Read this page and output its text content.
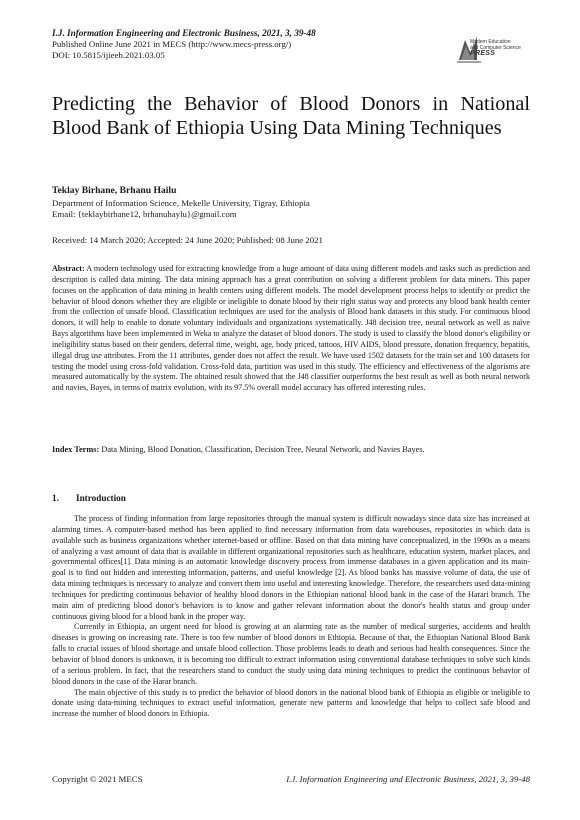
I.J. Information Engineering and Electronic Business, 2021, 3, 39-48
Published Online June 2021 in MECS (http://www.mecs-press.org/)
DOI: 10.5815/ijieeb.2021.03.05
Modern Education
and Computer Science
PRESS
Predicting the Behavior of Blood Donors in National Blood Bank of Ethiopia Using Data Mining Techniques
Teklay Birhane, Brhanu Hailu
Department of Information Science, Mekelle University, Tigray, Ethiopia
Email: {teklaybirhane12, brhanuhaylu}@gmail.com
Received: 14 March 2020; Accepted: 24 June 2020; Published: 08 June 2021
Abstract: A modern technology used for extracting knowledge from a huge amount of data using different models and tasks such as prediction and description is called data mining. The data mining approach has a great contribution on solving a different problem for data miners. This paper focuses on the application of data mining in health centers using different models. The model development process helps to identify or predict the behavior of blood donors whether they are eligible or ineligible to donate blood by their right status way and protects any blood bank health center from the collection of unsafe blood. Classification techniques are used for the analysis of Blood bank datasets in this study. For continuous blood donors, it will help to enable to donate voluntary individuals and organizations systematically. J48 decision tree, neural network as well as naïve Bays algorithms have been implemented in Weka to analyze the dataset of blood donors. The study is used to classify the blood donor's eligibility or ineligibility status based on their genders, deferral time, weight, age, body priced, tattoos, HIV AIDS, blood pressure, donation frequency, hepatitis, illegal drug use attributes. From the 11 attributes, gender does not affect the result. We have used 1502 datasets for the train set and 100 datasets for testing the model using cross-fold validation. Cross-fold data, partition was used in this study. The efficiency and effectiveness of the algorisms are measured automatically by the system. The obtained result showed that the J48 classifier outperforms the best result as well as both neural network and navies, Bayes, in terms of matrix evolution, with its 97.5% overall model accuracy has offered interesting rules.
Index Terms: Data Mining, Blood Donation, Classification, Decision Tree, Neural Network, and Navies Bayes.
1. Introduction

The process of finding information from large repositories through the manual system is difficult nowadays since data size has increased at alarming times. A computer-based method has been applied to find necessary information from data warehouses, repositories in which data is available such as business organizations whether internet-based or offline. Based on that data mining have conceptualized, in the 1990s as a means of analyzing a vast amount of data that is available in different organizational repositories such as healthcare, education system, market places, and governmental offices[1]. Data mining is an automatic knowledge discovery process from immense databases in a given application and its main-goal is to find out hidden and interesting information, patterns, and useful knowledge [2]. As blood banks has massive volume of data, the use of data mining techniques is necessary to analyze and convert them into useful and interesting knowledge. Therefore, the researchers used data-mining techniques for predicting continuous behavior of healthy blood donors in the Ethiopian national blood bank in the case of the Harari branch. The main aim of predicting blood donor's behaviors is to know and gather relevant information about the donor's health status and group under continuous giving blood for a blood bank in the proper way.

Currently in Ethiopia, an urgent need for blood is growing at an alarming rate as the number of medical surgeries, accidents and health diseases is growing on increasing rate. There is too few number of blood donors in Ethiopia. Because of that, the Ethiopian National Blood Bank falls to crucial issues of blood shortage and unsafe blood collection. Those problems leads to death and serious bad health consequences. Since the behavior of blood donors is unknown, it is becoming too difficult to extract information using conventional database techniques to solve such kinds of a serious problem. In fact, that the researchers stand to conduct the study using data mining techniques to predict the continuous behavior of blood donors in the case of the Harar branch.

The main objective of this study is to predict the behavior of blood donors in the national blood bank of Ethiopia as eligible or ineligible to donate using data-mining techniques to extract useful information, generate new patterns and knowledge that helps to collect safe blood and increase the number of blood donors in Ethiopia.

Copyright © 2021 MECS	I.J. Information Engineering and Electronic Business, 2021, 3, 39-48
